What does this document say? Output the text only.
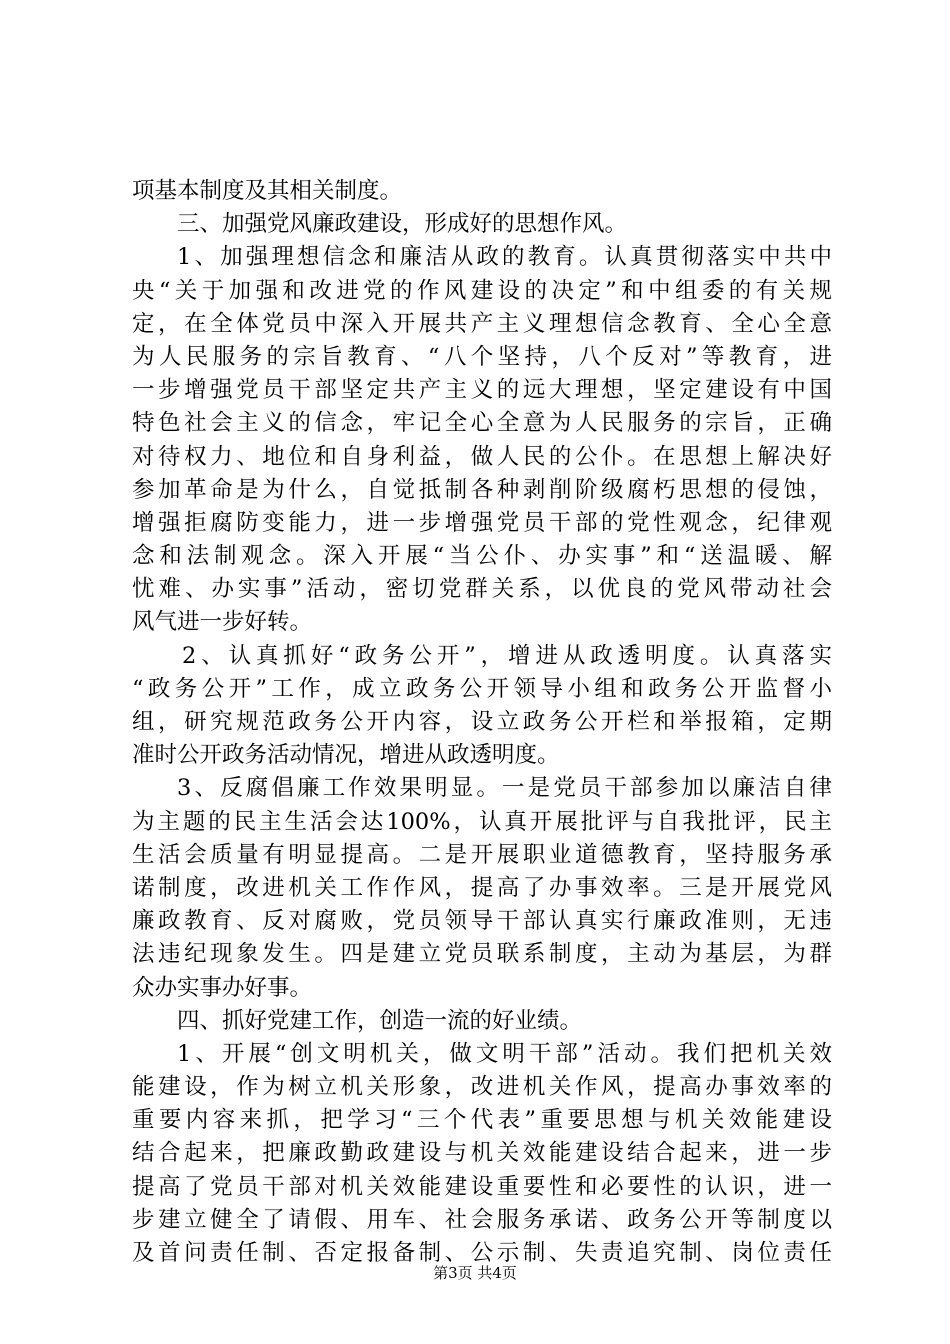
项基本制度及其相关制度。
三、加强党风廉政建设，形成好的思想作风。
1、加强理想信念和廉洁从政的教育。认真贯彻落实中共中
央“关于加强和改进党的作风建设的决定”和中组委的有关规
定，在全体党员中深入开展共产主义理想信念教育、全心全意
为人民服务的宗旨教育、“八个坚持，八个反对”等教育，进
一步增强党员干部坚定共产主义的远大理想，坚定建设有中国
特色社会主义的信念，牢记全心全意为人民服务的宗旨，正确
对待权力、地位和自身利益，做人民的公仆。在思想上解决好
参加革命是为什么，自觉抵制各种剥削阶级腐朽思想的侵蚀，
增强拒腐防变能力，进一步增强党员干部的党性观念，纪律观
念和法制观念。深入开展“当公仆、办实事”和“送温暖、解
忧难、办实事”活动，密切党群关系，以优良的党风带动社会
风气进一步好转。
2、认真抓好“政务公开”，增进从政透明度。认真落实
“政务公开”工作，成立政务公开领导小组和政务公开监督小
组，研究规范政务公开内容，设立政务公开栏和举报箱，定期
准时公开政务活动情况，增进从政透明度。
3、反腐倡廉工作效果明显。一是党员干部参加以廉洁自律
为主题的民主生活会达100%，认真开展批评与自我批评，民主
生活会质量有明显提高。二是开展职业道德教育，坚持服务承
诺制度，改进机关工作作风，提高了办事效率。三是开展党风
廉政教育、反对腐败，党员领导干部认真实行廉政准则，无违
法违纪现象发生。四是建立党员联系制度，主动为基层，为群
众办实事办好事。
四、抓好党建工作，创造一流的好业绩。
1、开展“创文明机关，做文明干部”活动。我们把机关效
能建设，作为树立机关形象，改进机关作风，提高办事效率的
重要内容来抓，把学习“三个代表”重要思想与机关效能建设
结合起来，把廉政勤政建设与机关效能建设结合起来，进一步
提高了党员干部对机关效能建设重要性和必要性的认识，进一
步建立健全了请假、用车、社会服务承诺、政务公开等制度以
及首问责任制、否定报备制、公示制、失责追究制、岗位责任
第3页 共4页
